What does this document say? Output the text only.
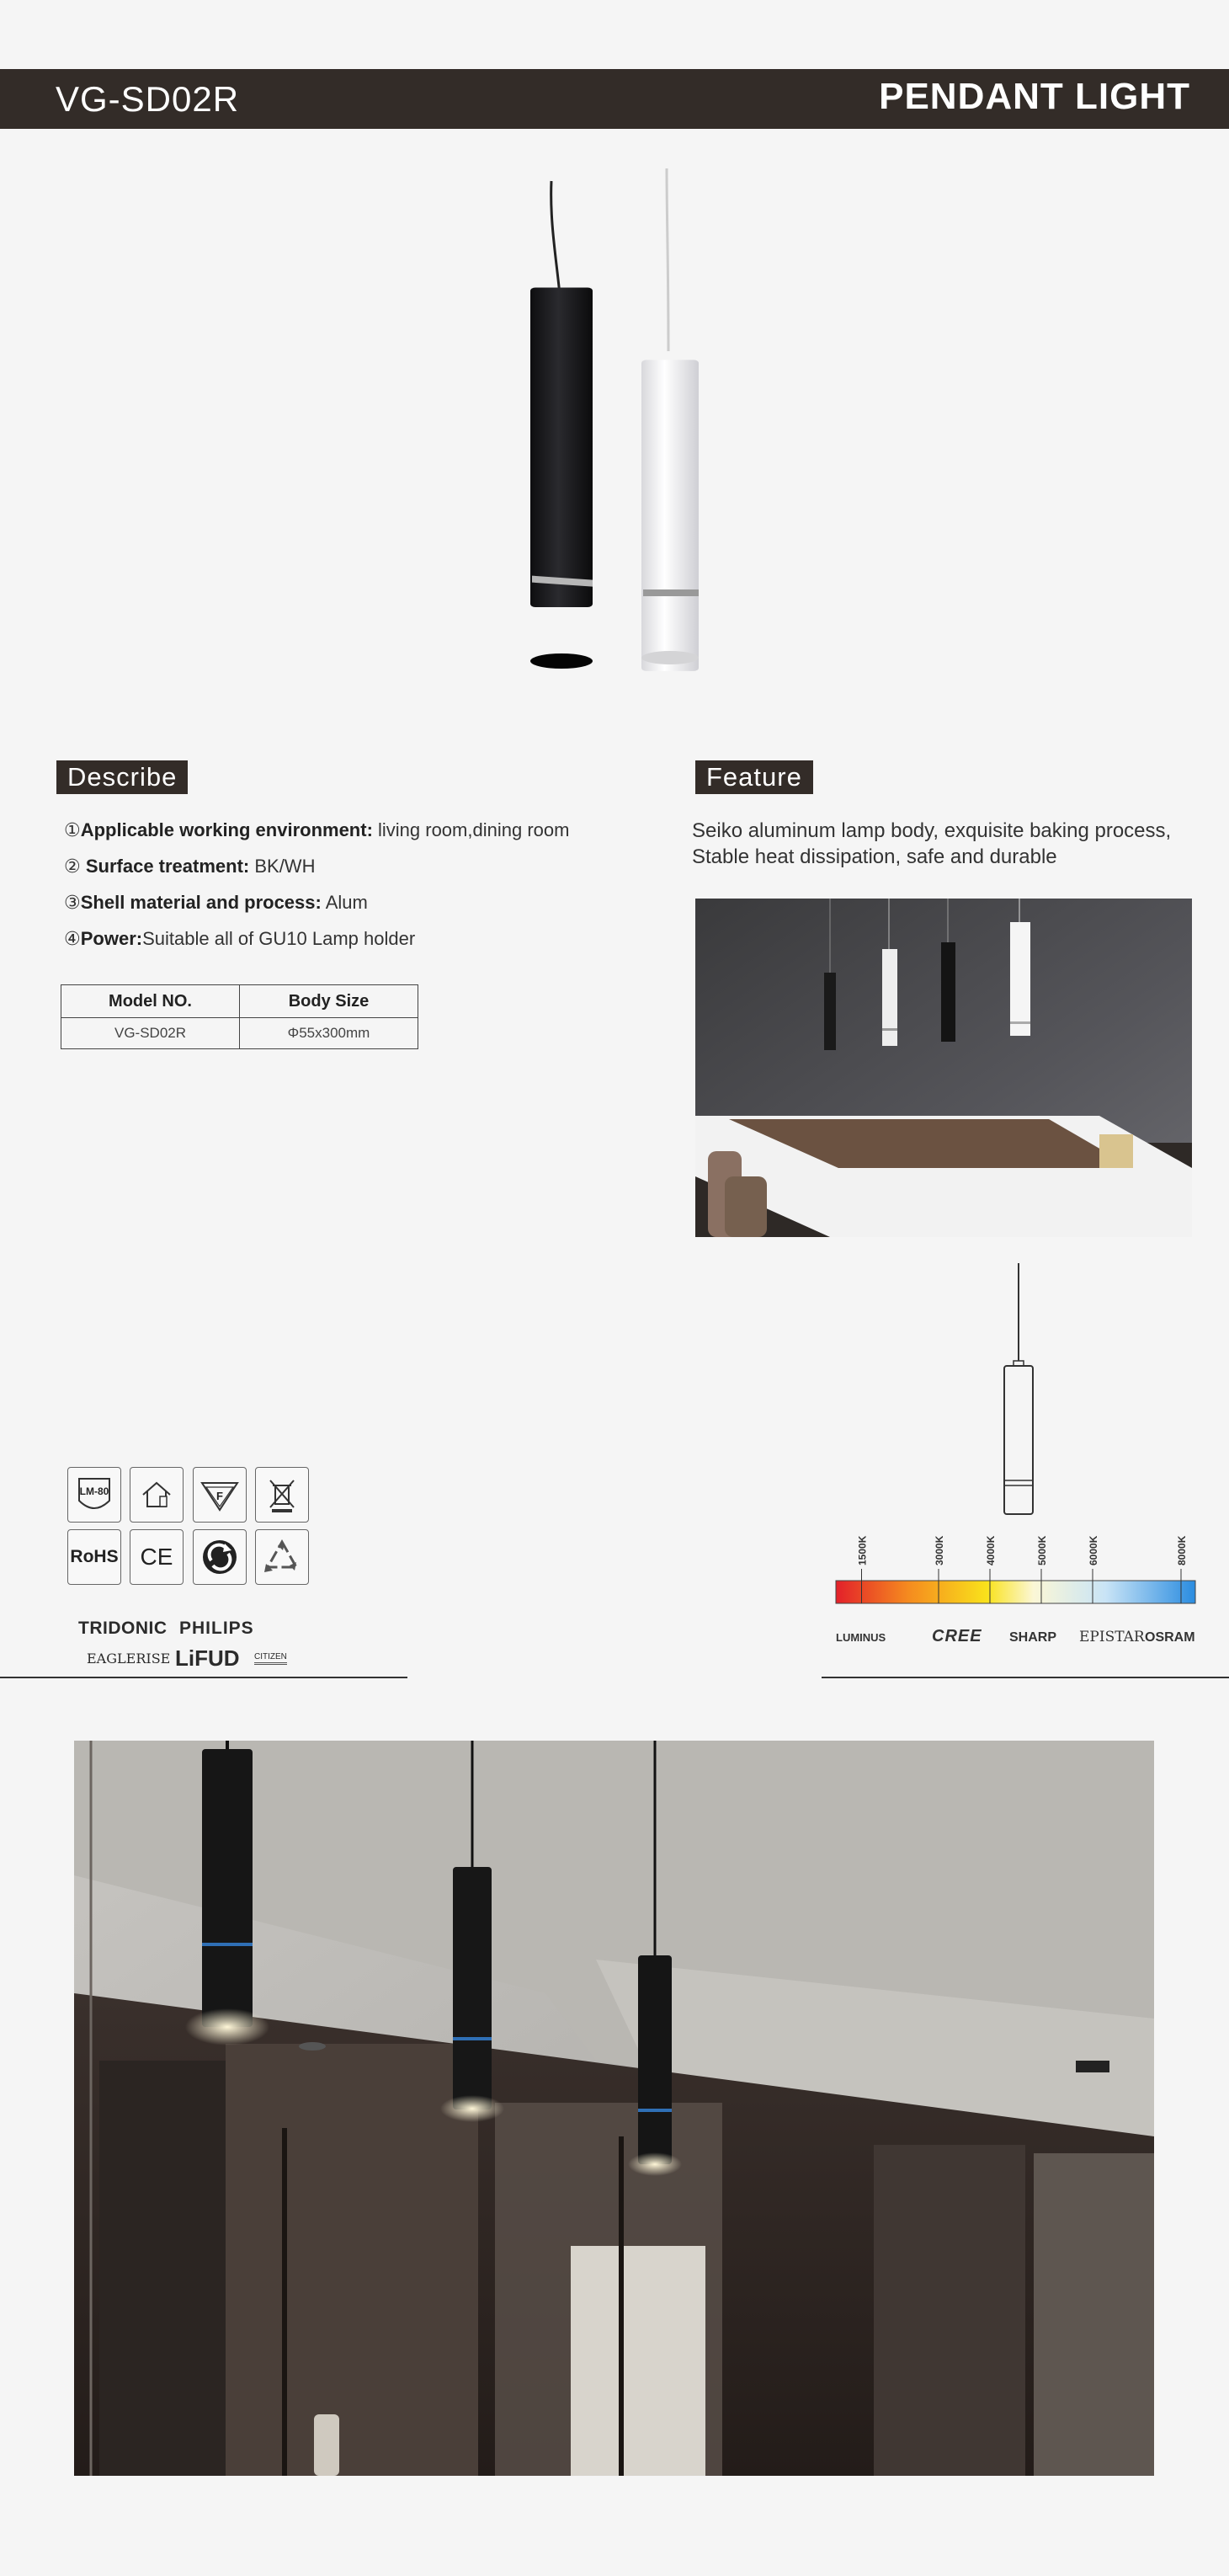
VG-SD02R	PENDANT LIGHT
Describe
①Applicable working environment: living room,dining room
② Surface treatment: BK/WH
③Shell material and process: Alum
④Power:Suitable all of GU10 Lamp holder
Model NO.	Body Size
VG-SD02R	Φ55x300mm
Feature
Seiko aluminum lamp body, exquisite baking process,
Stable heat dissipation, safe and durable
LM-80	F
RoHS CE
TRIDONIC PHILIPS
EAGLERISE LiFUD CITIZEN
1500K	3000K	4000K	5000K	6000K	8000K
LUMINUS	CREE SHARP EPISTAR OSRAM
